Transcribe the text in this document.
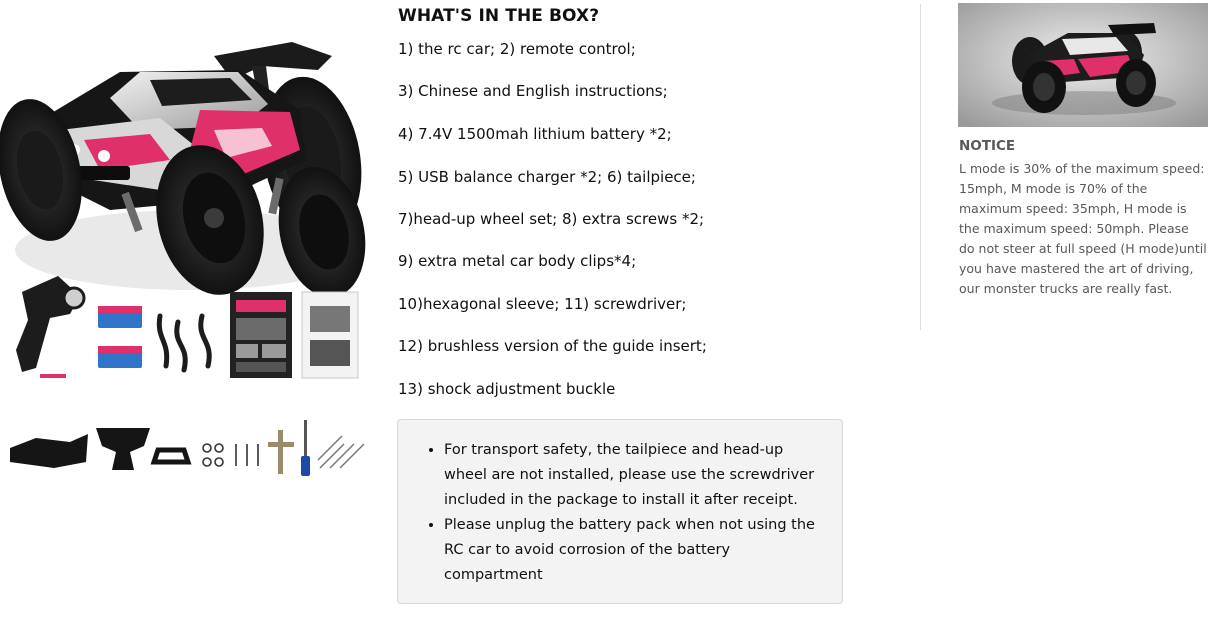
WHAT'S IN THE BOX?

1) the rc car; 2) remote control;

3) Chinese and English instructions;

4) 7.4V 1500mah lithium battery *2;

5) USB balance charger *2; 6) tailpiece;

7)head-up wheel set; 8) extra screws *2;

9) extra metal car body clips*4;

10)hexagonal sleeve; 11) screwdriver;

12) brushless version of the guide insert;

13) shock adjustment buckle

• For transport safety, the tailpiece and head-up wheel are not installed, please use the screwdriver included in the package to install it after receipt.
• Please unplug the battery pack when not using the RC car to avoid corrosion of the battery compartment
NOTICE

L mode is 30% of the maximum speed: 15mph, M mode is 70% of the maximum speed: 35mph, H mode is the maximum speed: 50mph. Please do not steer at full speed (H mode)until you have mastered the art of driving, our monster trucks are really fast.
